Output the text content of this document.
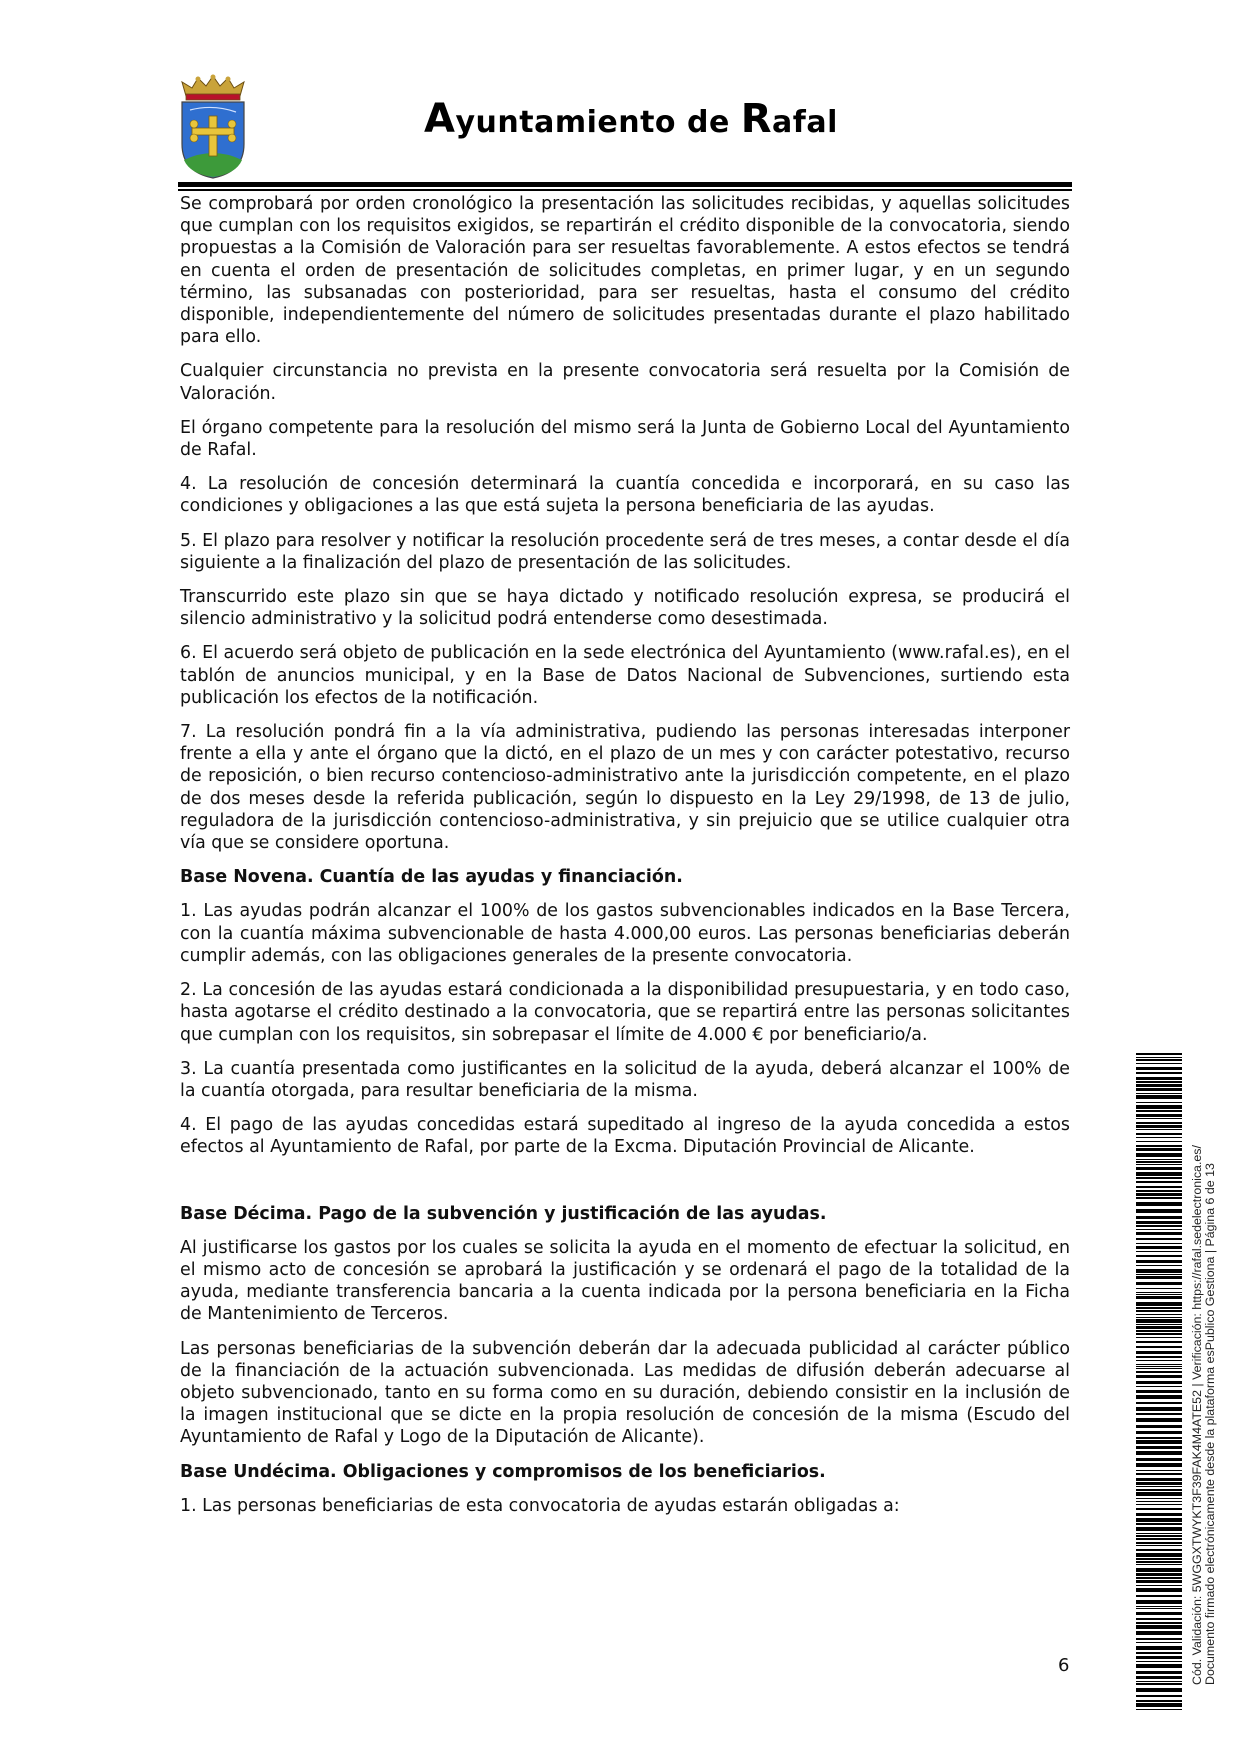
Ayuntamiento de Rafal

Se comprobará por orden cronológico la presentación las solicitudes recibidas, y aquellas solicitudes que cumplan con los requisitos exigidos, se repartirán el crédito disponible de la convocatoria, siendo propuestas a la Comisión de Valoración para ser resueltas favorablemente. A estos efectos se tendrá en cuenta el orden de presentación de solicitudes completas, en primer lugar, y en un segundo término, las subsanadas con posterioridad, para ser resueltas, hasta el consumo del crédito disponible, independientemente del número de solicitudes presentadas durante el plazo habilitado para ello.

Cualquier circunstancia no prevista en la presente convocatoria será resuelta por la Comisión de Valoración.

El órgano competente para la resolución del mismo será la Junta de Gobierno Local del Ayuntamiento de Rafal.

4. La resolución de concesión determinará la cuantía concedida e incorporará, en su caso las condiciones y obligaciones a las que está sujeta la persona beneficiaria de las ayudas.

5. El plazo para resolver y notificar la resolución procedente será de tres meses, a contar desde el día siguiente a la finalización del plazo de presentación de las solicitudes.

Transcurrido este plazo sin que se haya dictado y notificado resolución expresa, se producirá el silencio administrativo y la solicitud podrá entenderse como desestimada.

6. El acuerdo será objeto de publicación en la sede electrónica del Ayuntamiento (www.rafal.es), en el tablón de anuncios municipal, y en la Base de Datos Nacional de Subvenciones, surtiendo esta publicación los efectos de la notificación.

7. La resolución pondrá fin a la vía administrativa, pudiendo las personas interesadas interponer frente a ella y ante el órgano que la dictó, en el plazo de un mes y con carácter potestativo, recurso de reposición, o bien recurso contencioso-administrativo ante la jurisdicción competente, en el plazo de dos meses desde la referida publicación, según lo dispuesto en la Ley 29/1998, de 13 de julio, reguladora de la jurisdicción contencioso-administrativa, y sin prejuicio que se utilice cualquier otra vía que se considere oportuna.

Base Novena. Cuantía de las ayudas y financiación.

1. Las ayudas podrán alcanzar el 100% de los gastos subvencionables indicados en la Base Tercera, con la cuantía máxima subvencionable de hasta 4.000,00 euros. Las personas beneficiarias deberán cumplir además, con las obligaciones generales de la presente convocatoria.

2. La concesión de las ayudas estará condicionada a la disponibilidad presupuestaria, y en todo caso, hasta agotarse el crédito destinado a la convocatoria, que se repartirá entre las personas solicitantes que cumplan con los requisitos, sin sobrepasar el límite de 4.000 € por beneficiario/a.

3. La cuantía presentada como justificantes en la solicitud de la ayuda, deberá alcanzar el 100% de la cuantía otorgada, para resultar beneficiaria de la misma.

4. El pago de las ayudas concedidas estará supeditado al ingreso de la ayuda concedida a estos efectos al Ayuntamiento de Rafal, por parte de la Excma. Diputación Provincial de Alicante.

Base Décima. Pago de la subvención y justificación de las ayudas.

Al justificarse los gastos por los cuales se solicita la ayuda en el momento de efectuar la solicitud, en el mismo acto de concesión se aprobará la justificación y se ordenará el pago de la totalidad de la ayuda, mediante transferencia bancaria a la cuenta indicada por la persona beneficiaria en la Ficha de Mantenimiento de Terceros.

Las personas beneficiarias de la subvención deberán dar la adecuada publicidad al carácter público de la financiación de la actuación subvencionada. Las medidas de difusión deberán adecuarse al objeto subvencionado, tanto en su forma como en su duración, debiendo consistir en la inclusión de la imagen institucional que se dicte en la propia resolución de concesión de la misma (Escudo del Ayuntamiento de Rafal y Logo de la Diputación de Alicante).

Base Undécima. Obligaciones y compromisos de los beneficiarios.

1. Las personas beneficiarias de esta convocatoria de ayudas estarán obligadas a:

6	Cód. Validación: 5WGGXTWYKT3F39FAK4M4ATE52 | Verificación: https://rafal.sedelectronica.es/ Documento firmado electrónicamente desde la plataforma esPublico Gestiona | Página 6 de 13
